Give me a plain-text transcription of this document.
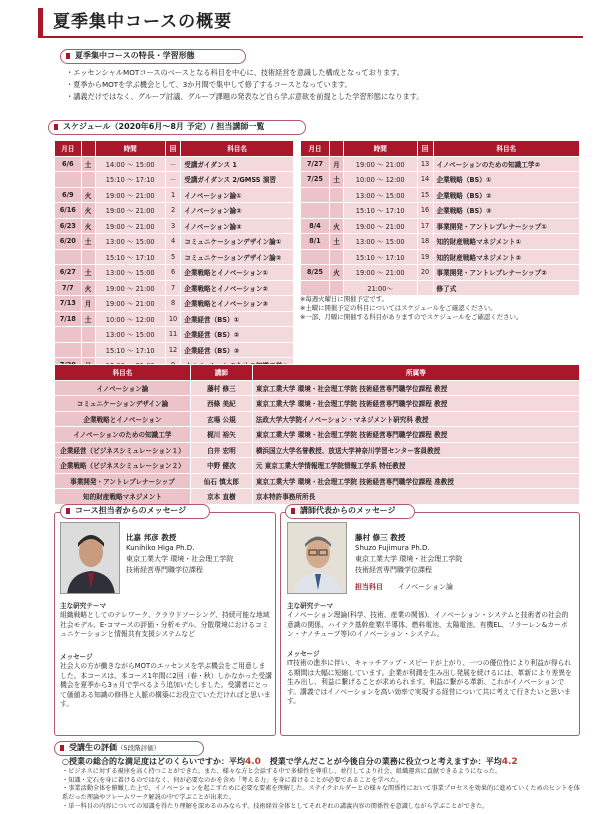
夏季集中コースの概要
夏季集中コースの特長・学習形態
・エッセンシャルMOTコースのベースとなる科目を中心に、技術経営を意識した構成となっております。
・夏季からMOTを学ぶ機会として、3か月間で集中して修了するコースとなっています。
・講義だけではなく、グループ討議、グループ課題の発表など自ら学ぶ意欲を前提とした学習形態になります。
スケジュール（2020年6月～8月 予定）/ 担当講師一覧
月日		時間	回	科目名
6/6	土	14:00 ～ 15:00	－	受講ガイダンス 1
		15:10 ～ 17:10	－	受講ガイダンス 2/GMSS 演習
6/9	火	19:00 ～ 21:00	1	イノベーション論①
6/16	火	19:00 ～ 21:00	2	イノベーション論②
6/23	火	19:00 ～ 21:00	3	イノベーション論③
6/20	土	13:00 ～ 15:00	4	コミュニケーションデザイン論①
		15:10 ～ 17:10	5	コミュニケーションデザイン論②
6/27	土	13:00 ～ 15:00	6	企業戦略とイノベーション①
7/7	火	19:00 ～ 21:00	7	企業戦略とイノベーション②
7/13	月	19:00 ～ 21:00	8	企業戦略とイノベーション③
7/18	土	10:00 ～ 12:00	10	企業経営（BS）①
		13:00 ～ 15:00	11	企業経営（BS）②
		15:10 ～ 17:10	12	企業経営（BS）③

月日		時間	回	科目名
7/27	月	19:00 ～ 21:00	13	イノベーションのための知識工学②
7/25	土	10:00 ～ 12:00	14	企業戦略（BS）①
		13:00 ～ 15:00	15	企業戦略（BS）②
		15:10 ～ 17:10	16	企業戦略（BS）③
8/4	火	19:00 ～ 21:00	17	事業開発・アントレプレナーシップ①
8/1	土	13:00 ～ 15:00	18	知的財産戦略マネジメント①
		15:10 ～ 17:10	19	知的財産戦略マネジメント②
8/25	火	19:00 ～ 21:00	20	事業開発・アントレプレナーシップ②
		21:00～		修了式
※毎週火曜日に開催予定です。
※土曜に開催予定の科目についてはスケジュールをご確認ください。
※一部、月曜に開催する科目がありますのでスケジュールをご確認ください。
科目名	講師	所属等
イノベーション論	藤村 修三	東京工業大学 環境・社会理工学院 技術経営専門職学位課程 教授
コミュニケーションデザイン論	西條 美紀	東京工業大学 環境・社会理工学院 技術経営専門職学位課程 教授
企業戦略とイノベーション	玄場 公規	法政大学大学院イノベーション・マネジメント研究科 教授
イノベーションのための知識工学	梶川 裕矢	東京工業大学 環境・社会理工学院 技術経営専門職学位課程 教授
企業経営（ビジネスシミュレーション１）	白井 宏明	横浜国立大学名誉教授、放送大学神奈川学習センター客員教授
企業戦略（ビジネスシミュレーション２）	中野 健次	元 東京工業大学情報理工学院情報工学系 特任教授
事業開発・アントレプレナーシップ	仙石 慎太郎	東京工業大学 環境・社会理工学院 技術経営専門職学位課程 准教授
知的財産戦略マネジメント	京本 直樹	京本特許事務所所長
コース担当者からのメッセージ
比嘉 邦彦 教授
Kunihiko Higa Ph.D.
東京工業大学 環境・社会理工学院
技術経営専門職学位課程
主な研究テーマ
組織戦略としてのテレワーク、クラウドソーシング、持続可能な地域社会モデル、E-コマースの評価・分析モデル、分散環境におけるコミュニケーションと情報共有支援システムなど
メッセージ
社会人の方が働きながらMOTのエッセンスを学ぶ機会をご用意しました。本コースは、本コース1年間に2回（春・秋）しかなかった受講機会を夏季から3ヵ月で学べるよう追加いたしました。受講者にとって価値ある知識の修得と人脈の構築にお役立ていただければと思います。
講師代表からのメッセージ
藤村 修三 教授
Shuzo Fujimura Ph.D.
東京工業大学 環境・社会理工学院
技術経営専門職学位課程
担当科目 イノベーション論
主な研究テーマ
イノベーション理論(科学、技術、産業の関係)、イノベーション・システムと技術者の社会的意識の関係、ハイテク基幹産業(半導体、燃料電池、太陽電池、有機EL、フラーレン&カーボン・ナノチューブ等)のイノベーション・システム。
メッセージ
IT技術の進歩に伴い、キャッチアップ・スピードが上がり、一つの優位性により利益が得られる期間は大幅に短縮しています。企業が利潤を生み出し発展を続けるには、革新により差異を生み出し、利益に繋げることが求められます。利益に繋がる革新、これがイノベーションです。講義ではイノベーションを高い効率で実現する経営について共に考えて行きたいと思います。
受講生の評価（5段階評価）
○授業の総合的な満足度はどのくらいですか：平均4.0 授業で学んだことが今後自分の業務に役立つと考えますか：平均4.2
・ビジネスに対する視座を高く持つことができた。また、様々な方と会話する中で多様性を尊重し、並行してより社会、組織運営に貢献できるようになった。
・知識・定石を身に着けるのではなく、何が必要なのかを含め「考える力」を身に着けることが必要であることを学べた。
・事業活動全体を俯瞰した上で、イノベーションを起こすために必要な要素を理解した。ステイクホルダーとの様々な関係性において事業プロセスを効果的に進めていくためのヒントを体系だった理論やフレームワーク解説の中で学ぶことが出来た。
・単一科目の内容についての知識を得たり理解を深めるのみならず、技術経営全体としてそれぞれの講義内容の関係性を意識しながら学ぶことができた。
